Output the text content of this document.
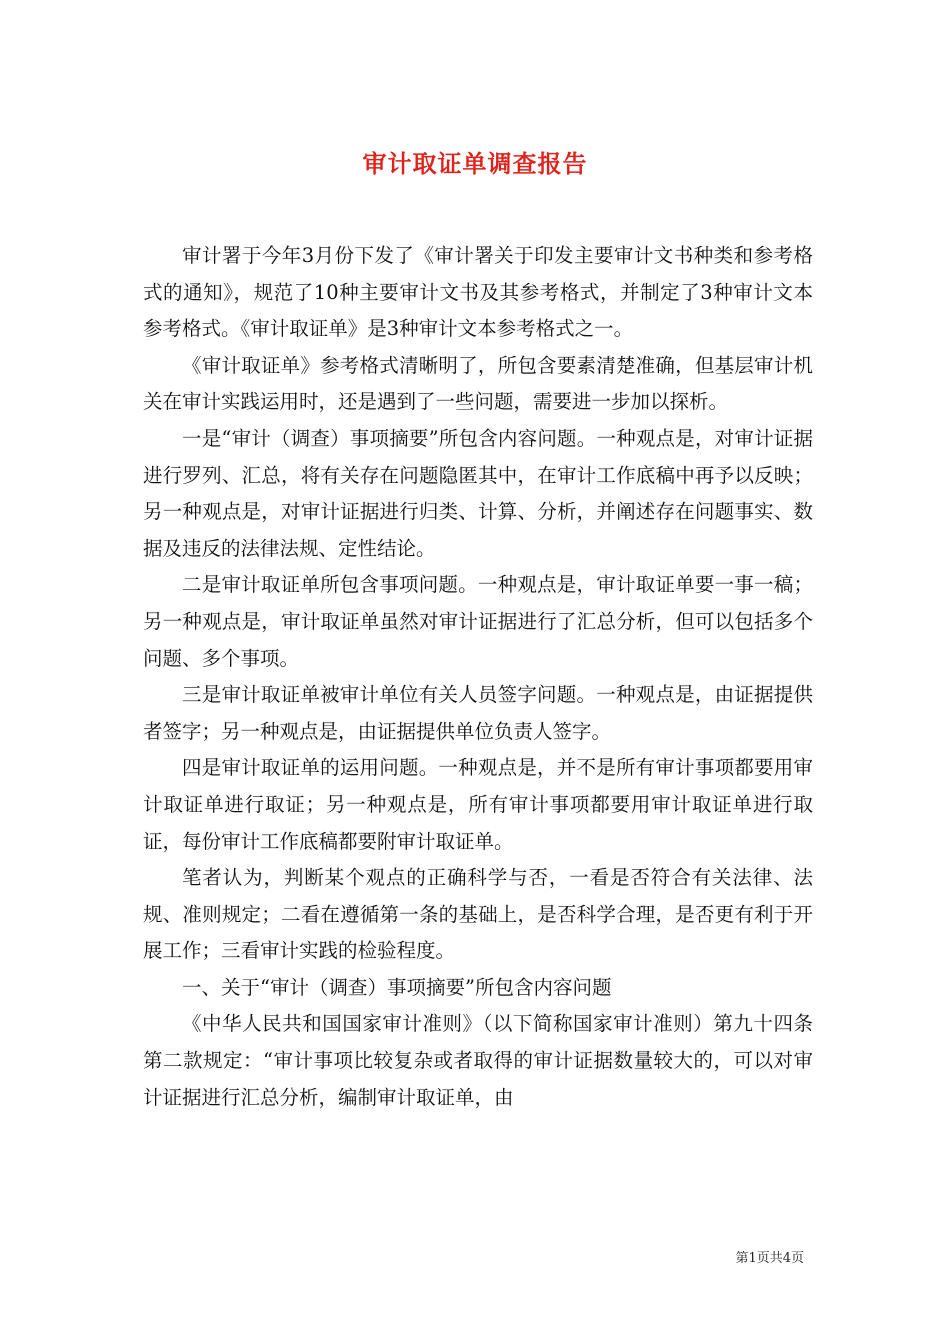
审计取证单调查报告

审计署于今年3月份下发了《审计署关于印发主要审计文书种类和参考格式的通知》，规范了10种主要审计文书及其参考格式，并制定了3种审计文本参考格式。《审计取证单》是3种审计文本参考格式之一。

《审计取证单》参考格式清晰明了，所包含要素清楚准确，但基层审计机关在审计实践运用时，还是遇到了一些问题，需要进一步加以探析。

一是“审计（调查）事项摘要”所包含内容问题。一种观点是，对审计证据进行罗列、汇总，将有关存在问题隐匿其中，在审计工作底稿中再予以反映；另一种观点是，对审计证据进行归类、计算、分析，并阐述存在问题事实、数据及违反的法律法规、定性结论。

二是审计取证单所包含事项问题。一种观点是，审计取证单要一事一稿；另一种观点是，审计取证单虽然对审计证据进行了汇总分析，但可以包括多个问题、多个事项。

三是审计取证单被审计单位有关人员签字问题。一种观点是，由证据提供者签字；另一种观点是，由证据提供单位负责人签字。

四是审计取证单的运用问题。一种观点是，并不是所有审计事项都要用审计取证单进行取证；另一种观点是，所有审计事项都要用审计取证单进行取证，每份审计工作底稿都要附审计取证单。

笔者认为，判断某个观点的正确科学与否，一看是否符合有关法律、法规、准则规定；二看在遵循第一条的基础上，是否科学合理，是否更有利于开展工作；三看审计实践的检验程度。

一、关于“审计（调查）事项摘要”所包含内容问题

《中华人民共和国国家审计准则》（以下简称国家审计准则）第九十四条第二款规定：“审计事项比较复杂或者取得的审计证据数量较大的，可以对审计证据进行汇总分析，编制审计取证单，由

第1页共4页
